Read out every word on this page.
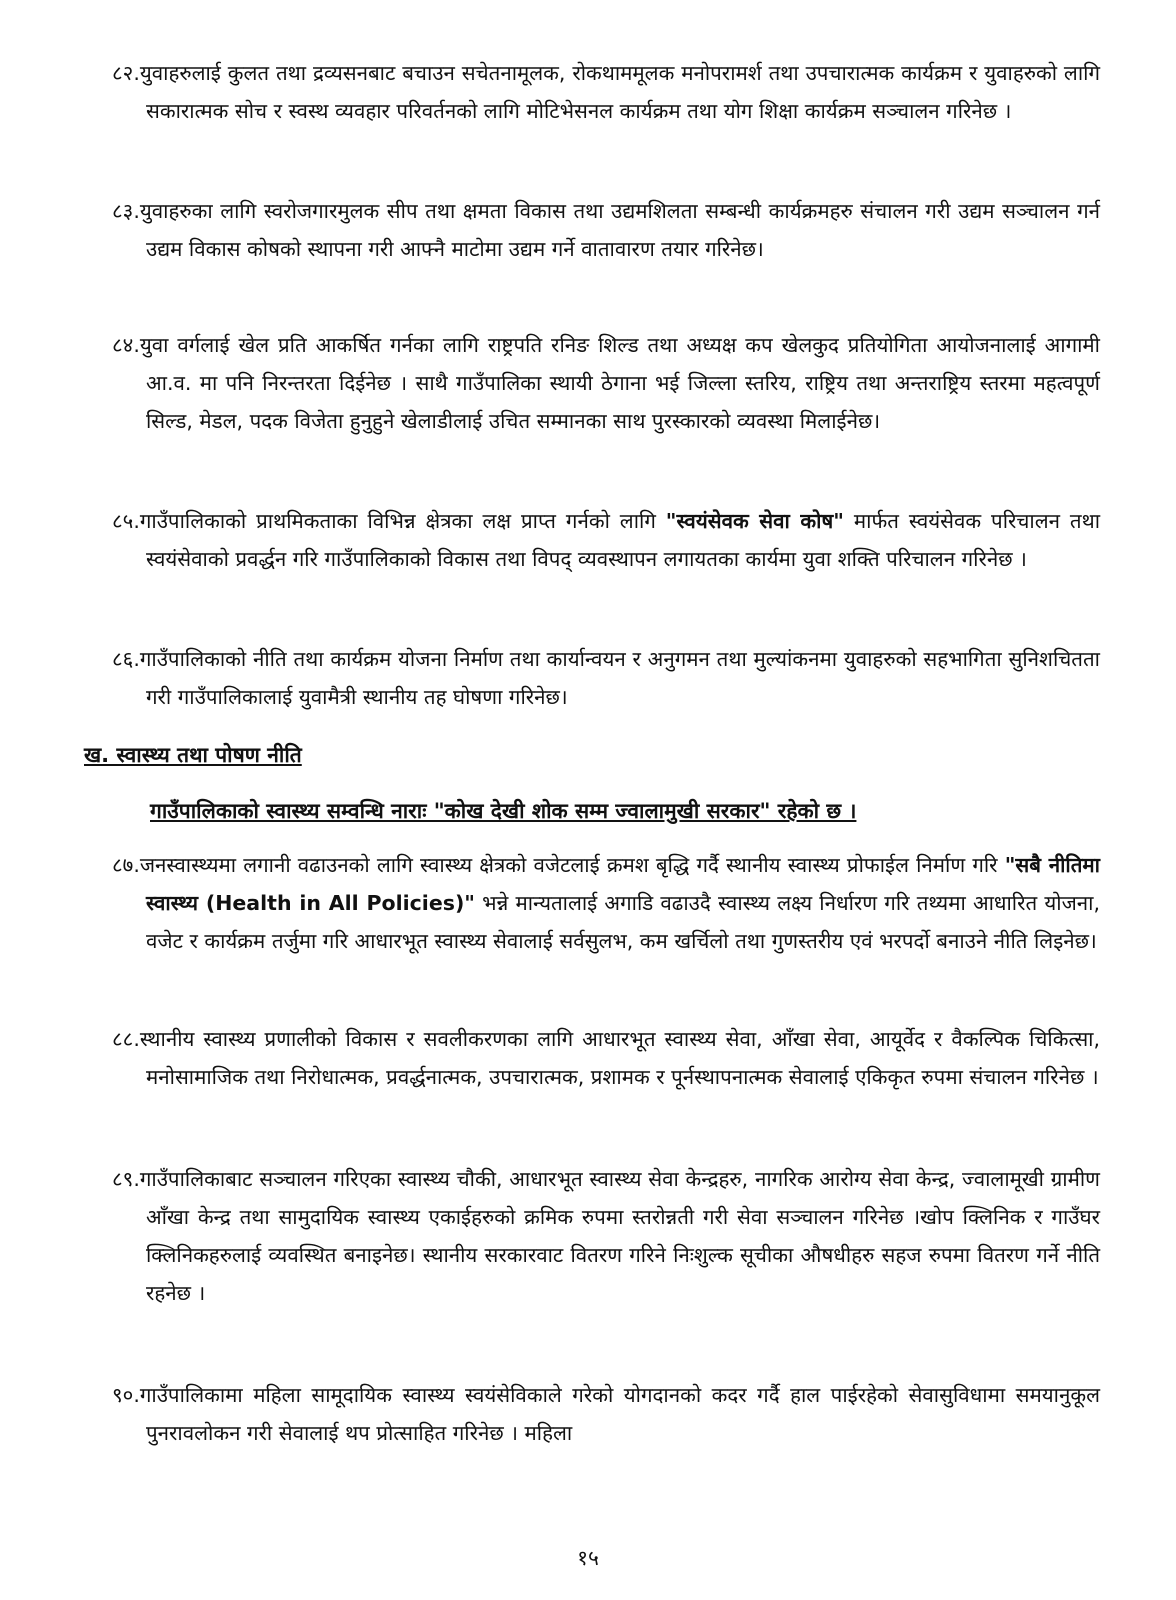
८२.युवाहरुलाई कुलत तथा द्रव्यसनबाट बचाउन सचेतनामूलक, रोकथाममूलक मनोपरामर्श तथा उपचारात्मक कार्यक्रम र युवाहरुको लागि सकारात्मक सोच र स्वस्थ व्यवहार परिवर्तनको लागि मोटिभेसनल कार्यक्रम तथा योग शिक्षा कार्यक्रम सञ्चालन गरिनेछ ।
८३.युवाहरुका लागि स्वरोजगारमुलक सीप तथा क्षमता विकास तथा उद्यमशिलता सम्बन्धी कार्यक्रमहरु संचालन गरी उद्यम सञ्चालन गर्न उद्यम विकास कोषको स्थापना गरी आफ्नै माटोमा उद्यम गर्ने वातावारण तयार गरिनेछ।
८४.युवा वर्गलाई खेल प्रति आकर्षित गर्नका लागि राष्ट्रपति रनिङ शिल्ड तथा अध्यक्ष कप खेलकुद प्रतियोगिता आयोजनालाई आगामी आ.व. मा पनि निरन्तरता दिईनेछ । साथै गाउँपालिका स्थायी ठेगाना भई जिल्ला स्तरिय, राष्ट्रिय तथा अन्तराष्ट्रिय स्तरमा महत्वपूर्ण सिल्ड, मेडल, पदक विजेता हुनुहुने खेलाडीलाई उचित सम्मानका साथ पुरस्कारको व्यवस्था मिलाईनेछ।
८५.गाउँपालिकाको प्राथमिकताका विभिन्न क्षेत्रका लक्ष प्राप्त गर्नको लागि "स्वयंसेवक सेवा कोष" मार्फत स्वयंसेवक परिचालन तथा स्वयंसेवाको प्रवर्द्धन गरि गाउँपालिकाको विकास तथा विपद् व्यवस्थापन लगायतका कार्यमा युवा शक्ति परिचालन गरिनेछ ।
८६.गाउँपालिकाको नीति तथा कार्यक्रम योजना निर्माण तथा कार्यान्वयन र अनुगमन तथा मुल्यांकनमा युवाहरुको सहभागिता सुनिशचितता गरी गाउँपालिकालाई युवामैत्री स्थानीय तह घोषणा गरिनेछ।
ख. स्वास्थ्य तथा पोषण नीति
गाउँपालिकाको स्वास्थ्य सम्वन्धि नाराः "कोख देखी शोक सम्म ज्वालामुखी सरकार" रहेको छ ।
८७.जनस्वास्थ्यमा लगानी वढाउनको लागि स्वास्थ्य क्षेत्रको वजेटलाई क्रमश बृद्धि गर्दै स्थानीय स्वास्थ्य प्रोफाईल निर्माण गरि "सबै नीतिमा स्वास्थ्य (Health in All Policies)" भन्ने मान्यतालाई अगाडि वढाउदै स्वास्थ्य लक्ष्य निर्धारण गरि तथ्यमा आधारित योजना, वजेट र कार्यक्रम तर्जुमा गरि आधारभूत स्वास्थ्य सेवालाई सर्वसुलभ, कम खर्चिलो तथा गुणस्तरीय एवं भरपर्दो बनाउने नीति लिइनेछ।
८८.स्थानीय स्वास्थ्य प्रणालीको विकास र सवलीकरणका लागि आधारभूत स्वास्थ्य सेवा, आँखा सेवा, आयूर्वेद र वैकल्पिक चिकित्सा, मनोसामाजिक तथा निरोधात्मक, प्रवर्द्धनात्मक, उपचारात्मक, प्रशामक र पूर्नस्थापनात्मक सेवालाई एकिकृत रुपमा संचालन गरिनेछ ।
८९.गाउँपालिकाबाट सञ्चालन गरिएका स्वास्थ्य चौकी, आधारभूत स्वास्थ्य सेवा केन्द्रहरु, नागरिक आरोग्य सेवा केन्द्र, ज्वालामूखी ग्रामीण आँखा केन्द्र तथा सामुदायिक स्वास्थ्य एकाईहरुको क्रमिक रुपमा स्तरोन्नती गरी सेवा सञ्चालन गरिनेछ ।खोप क्लिनिक र गाउँघर क्लिनिकहरुलाई व्यवस्थित बनाइनेछ। स्थानीय सरकारवाट वितरण गरिने निःशुल्क सूचीका औषधीहरु सहज रुपमा वितरण गर्ने नीति रहनेछ ।
९०.गाउँपालिकामा महिला सामूदायिक स्वास्थ्य स्वयंसेविकाले गरेको योगदानको कदर गर्दै हाल पाईरहेको सेवासुविधामा समयानुकूल पुनरावलोकन गरी सेवालाई थप प्रोत्साहित गरिनेछ । महिला
१५
